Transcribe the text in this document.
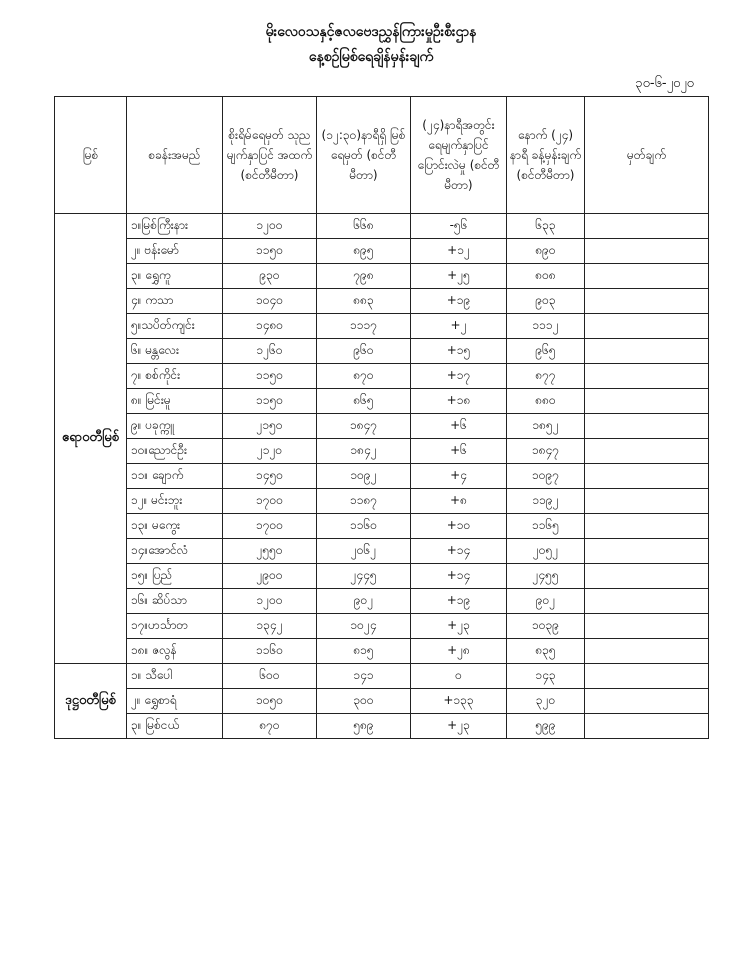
မိုးလေဝသနှင့်ဇလဗေဒညွှန်ကြားမှုဦးစီးဌာန
နေ့စဉ်မြစ်ရေချိန်မှန်းချက်
၃၀-၆-၂၀၂၀
မြစ်	စခန်းအမည်	စိုးရိမ်ရေမှတ် သုညမျက်နှာပြင် အထက် (စင်တီမီတာ)	(၁၂:၃၀)နာရီရှိ မြစ်ရေမှတ် (စင်တီမီတာ)	(၂၄)နာရီအတွင်း ရေမျက်နှာပြင် ပြောင်းလဲမှု (စင်တီမီတာ)	နောက် (၂၄) နာရီ ခန့်မှန်းချက် (စင်တီမီတာ)	မှတ်ချက်
ဧရာဝတီမြစ်	၁။မြစ်ကြီးနား	၁၂၀၀	၆၆၈	-၅၆	၆၃၃	
	၂။ ဗန်းမော်	၁၁၅၀	၈၉၅	+၁၂	၈၉၀	
	၃။ ရွှေကူ	၉၃၀	၇၉၈	+၂၅	၈၀၈	
	၄။ ကသာ	၁၀၄၀	၈၈၃	+၁၉	၉၀၃	
	၅။သပိတ်ကျင်း	၁၄၈၀	၁၁၁၇	+၂	၁၁၁၂	
	၆။ မန္တလေး	၁၂၆၀	၉၆၀	+၁၅	၉၆၅	
	၇။ စစ်ကိုင်း	၁၁၅၀	၈၇၀	+၁၇	၈၇၇	
	၈။ မြင်းမူ	၁၁၅၀	၈၆၅	+၁၈	၈၈၀	
	၉။ ပခုက္ကူ	၂၁၅၀	၁၈၄၇	+၆	၁၈၅၂	
	၁၀။ညောင်ဦး	၂၁၂၀	၁၈၄၂	+၆	၁၈၄၇	
	၁၁။ ချောက်	၁၄၅၀	၁၀၉၂	+၄	၁၀၉၇	
	၁၂။ မင်းဘူး	၁၇၀၀	၁၁၈၇	+၈	၁၁၉၂	
	၁၃။ မကွေး	၁၇၀၀	၁၁၆၀	+၁၀	၁၁၆၅	
	၁၄။အောင်လံ	၂၅၅၀	၂၀၆၂	+၁၄	၂၀၅၂	
	၁၅။ ပြည်	၂၉၀၀	၂၄၄၅	+၁၄	၂၄၅၅	
	၁၆။ ဆိပ်သာ	၁၂၀၀	၉၀၂	+၁၉	၉၀၂	
	၁၇။ဟင်္သာတ	၁၃၄၂	၁၀၂၄	+၂၃	၁၀၃၉	
	၁၈။ ဇလွန်	၁၁၆၀	၈၁၅	+၂၈	၈၃၅	
ဒုဋ္ဌဝတီမြစ်	၁။ သီပေါ	၆၀၀	၁၄၁	၀	၁၄၃	
	၂။ ရွှေစာရံ	၁၀၅၀	၃၀၀	+၁၃၃	၃၂၀	
	၃။ မြစ်ငယ်	၈၇၀	၅၈၉	+၂၃	၅၉၉	
